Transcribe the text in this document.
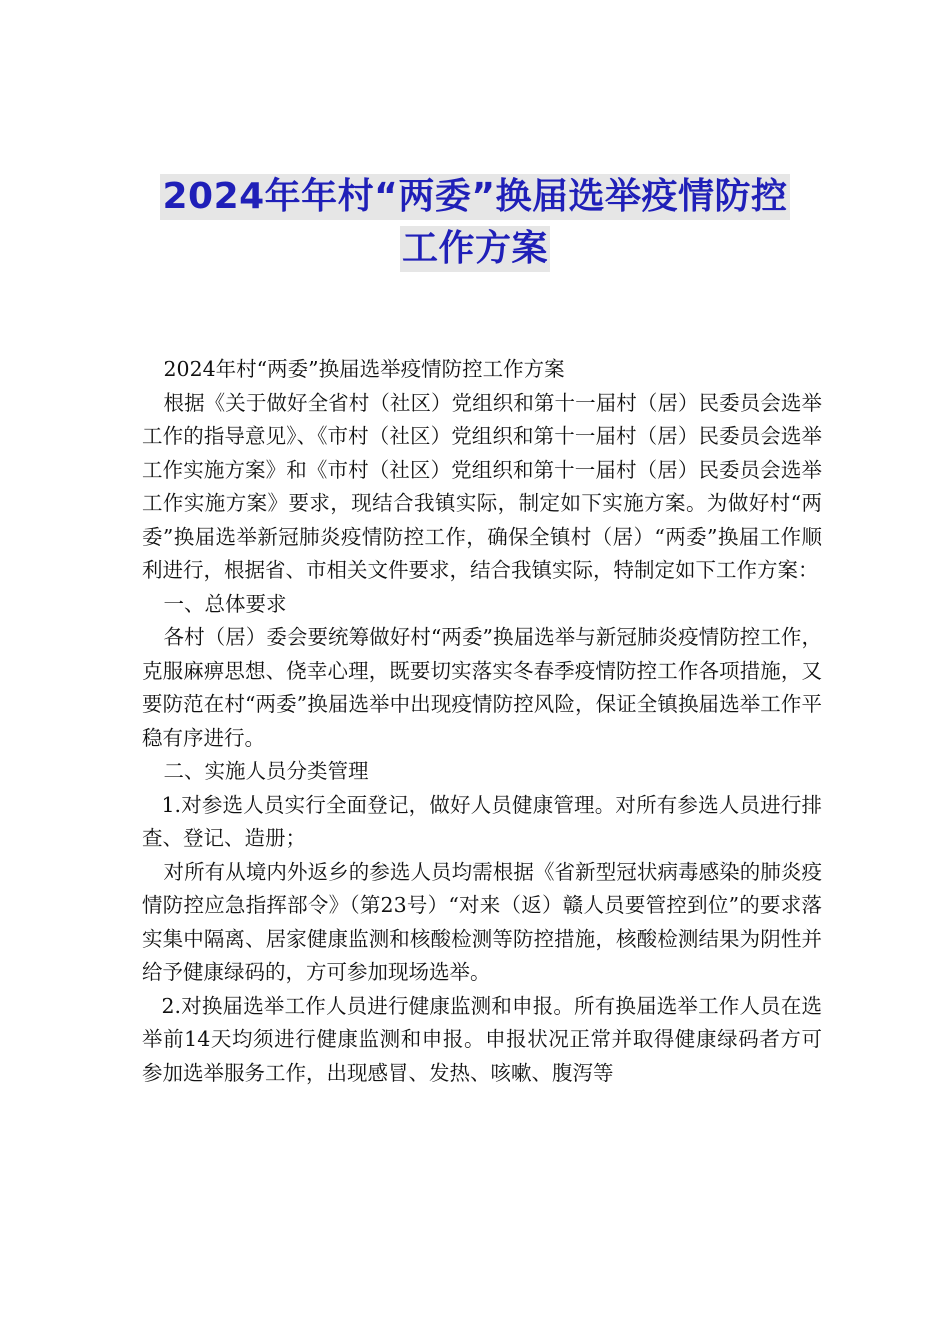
2024年年村“两委”换届选举疫情防控
工作方案

2024年村“两委”换届选举疫情防控工作方案

根据《关于做好全省村（社区）党组织和第十一届村（居）民委员会选举工作的指导意见》、《市村（社区）党组织和第十一届村（居）民委员会选举工作实施方案》和《市村（社区）党组织和第十一届村（居）民委员会选举工作实施方案》要求，现结合我镇实际，制定如下实施方案。为做好村“两委”换届选举新冠肺炎疫情防控工作，确保全镇村（居）“两委”换届工作顺利进行，根据省、市相关文件要求，结合我镇实际，特制定如下工作方案：

一、总体要求

各村（居）委会要统筹做好村“两委”换届选举与新冠肺炎疫情防控工作，克服麻痹思想、侥幸心理，既要切实落实冬春季疫情防控工作各项措施，又要防范在村“两委”换届选举中出现疫情防控风险，保证全镇换届选举工作平稳有序进行。

二、实施人员分类管理

1.对参选人员实行全面登记，做好人员健康管理。对所有参选人员进行排查、登记、造册；

对所有从境内外返乡的参选人员均需根据《省新型冠状病毒感染的肺炎疫情防控应急指挥部令》（第23号）“对来（返）赣人员要管控到位”的要求落实集中隔离、居家健康监测和核酸检测等防控措施，核酸检测结果为阴性并给予健康绿码的，方可参加现场选举。

2.对换届选举工作人员进行健康监测和申报。所有换届选举工作人员在选举前14天均须进行健康监测和申报。申报状况正常并取得健康绿码者方可参加选举服务工作，出现感冒、发热、咳嗽、腹泻等
